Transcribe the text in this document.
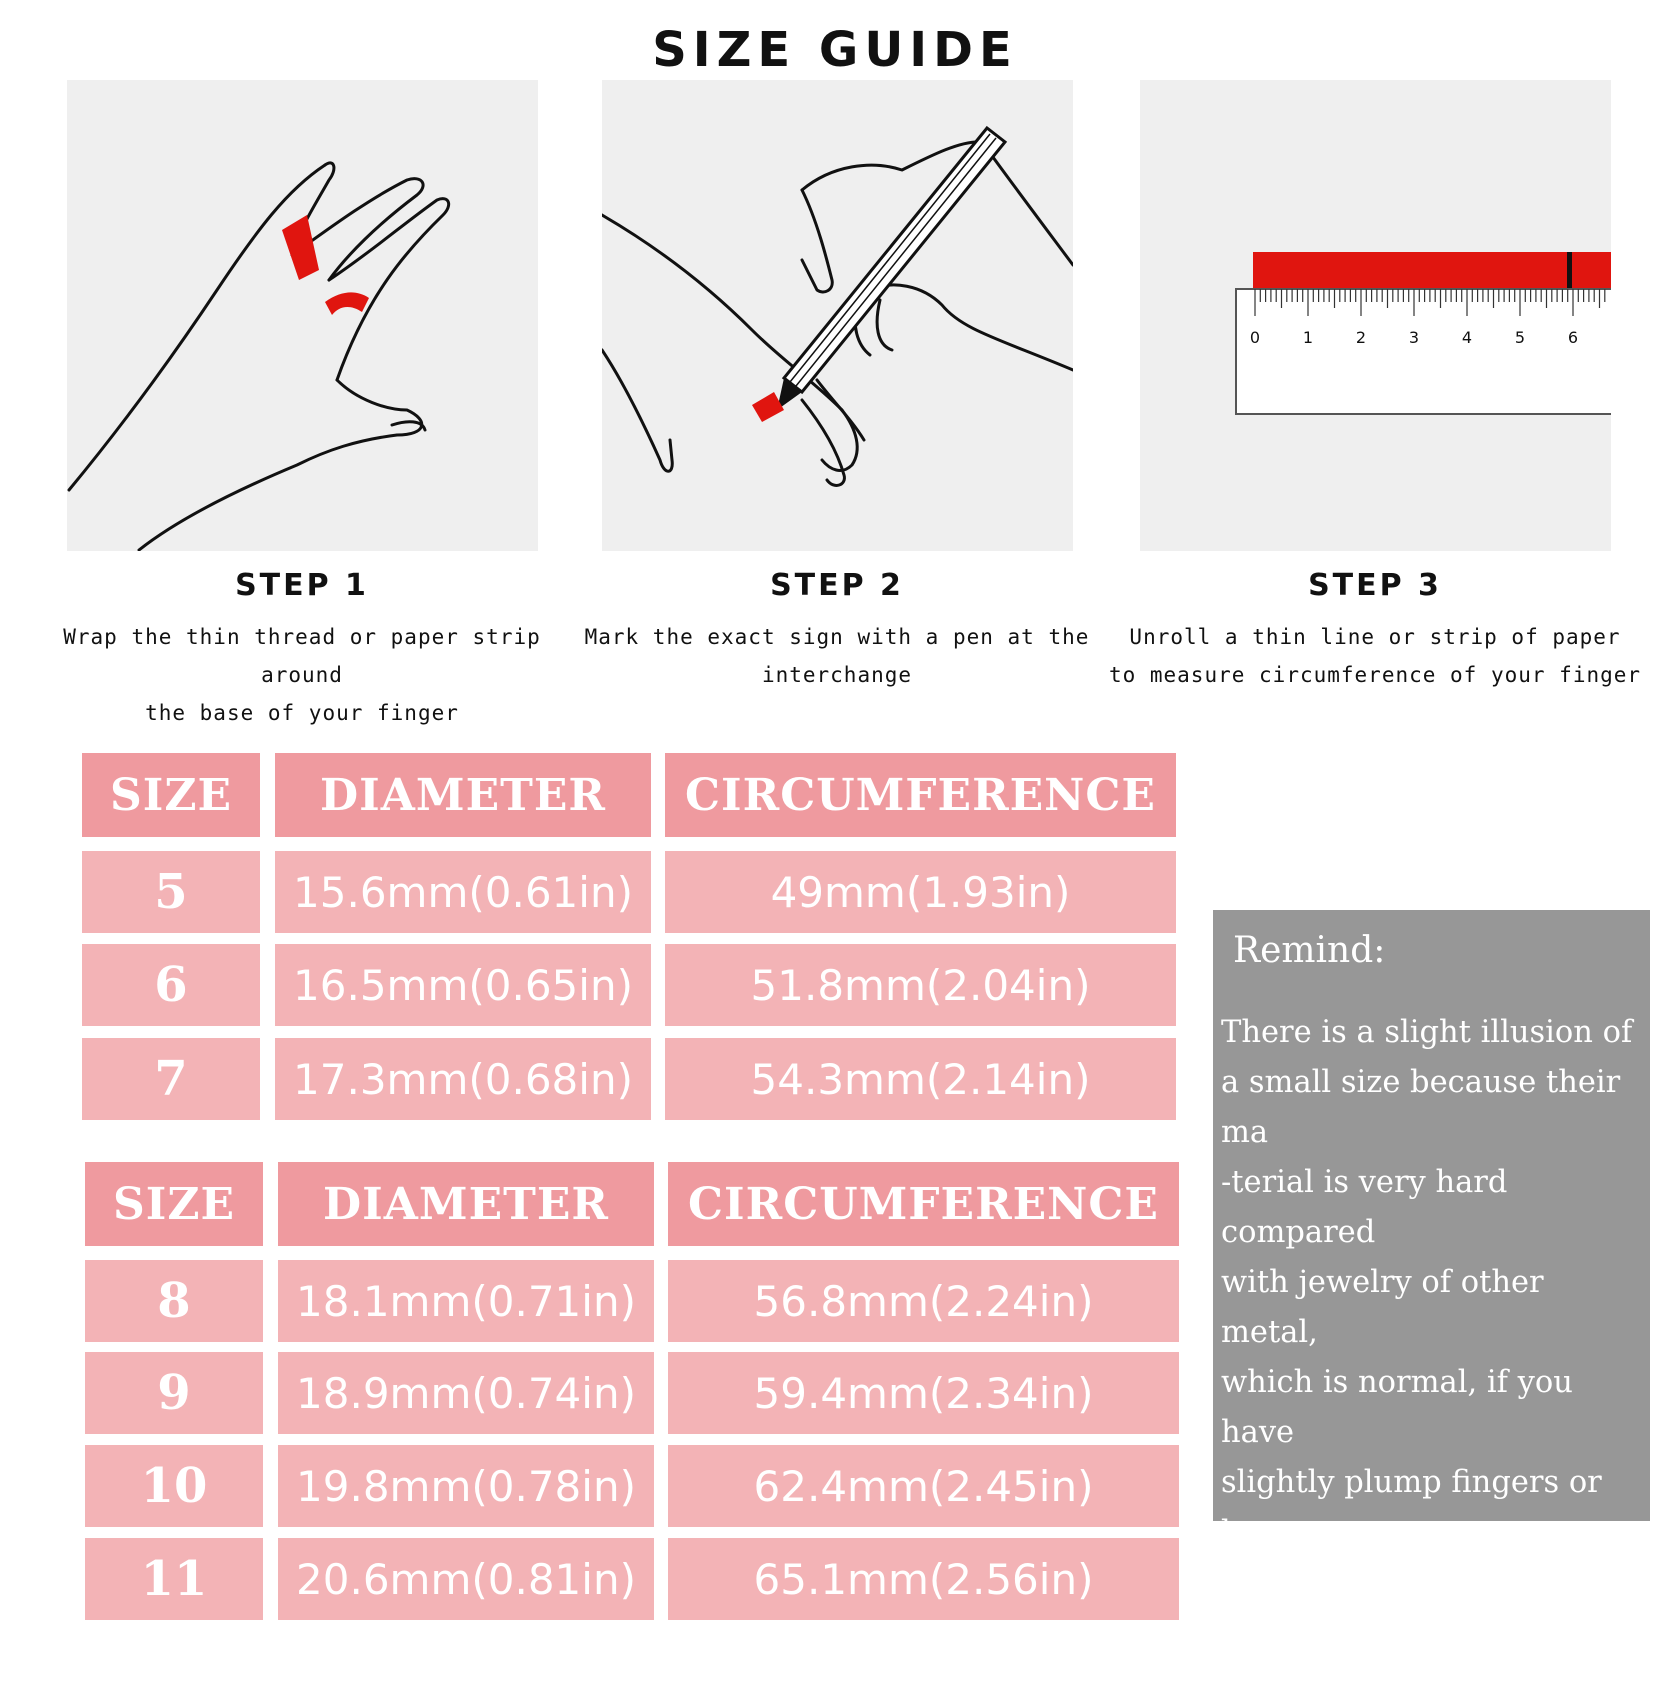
SIZE GUIDE
0	1	2	3	4	5	6
STEP 1
Wrap the thin thread or paper strip around
the base of your finger
STEP 2
Mark the exact sign with a pen at the
interchange
STEP 3
Unroll a thin line or strip of paper
to measure circumference of your finger
SIZE	DIAMETER	CIRCUMFERENCE
5	15.6mm(0.61in)	49mm(1.93in)
6	16.5mm(0.65in)	51.8mm(2.04in)
7	17.3mm(0.68in)	54.3mm(2.14in)
SIZE	DIAMETER	CIRCUMFERENCE
8	18.1mm(0.71in)	56.8mm(2.24in)
9	18.9mm(0.74in)	59.4mm(2.34in)
10	19.8mm(0.78in)	62.4mm(2.45in)
11	20.6mm(0.81in)	65.1mm(2.56in)
Remind:
There is a slight illusion of
a small size because their ma
-terial is very hard compared
with jewelry of other metal,
which is normal, if you have
slightly plump fingers or larg
-e finger joints, pls choose
stainless rings of one size
up for comfort fit~
